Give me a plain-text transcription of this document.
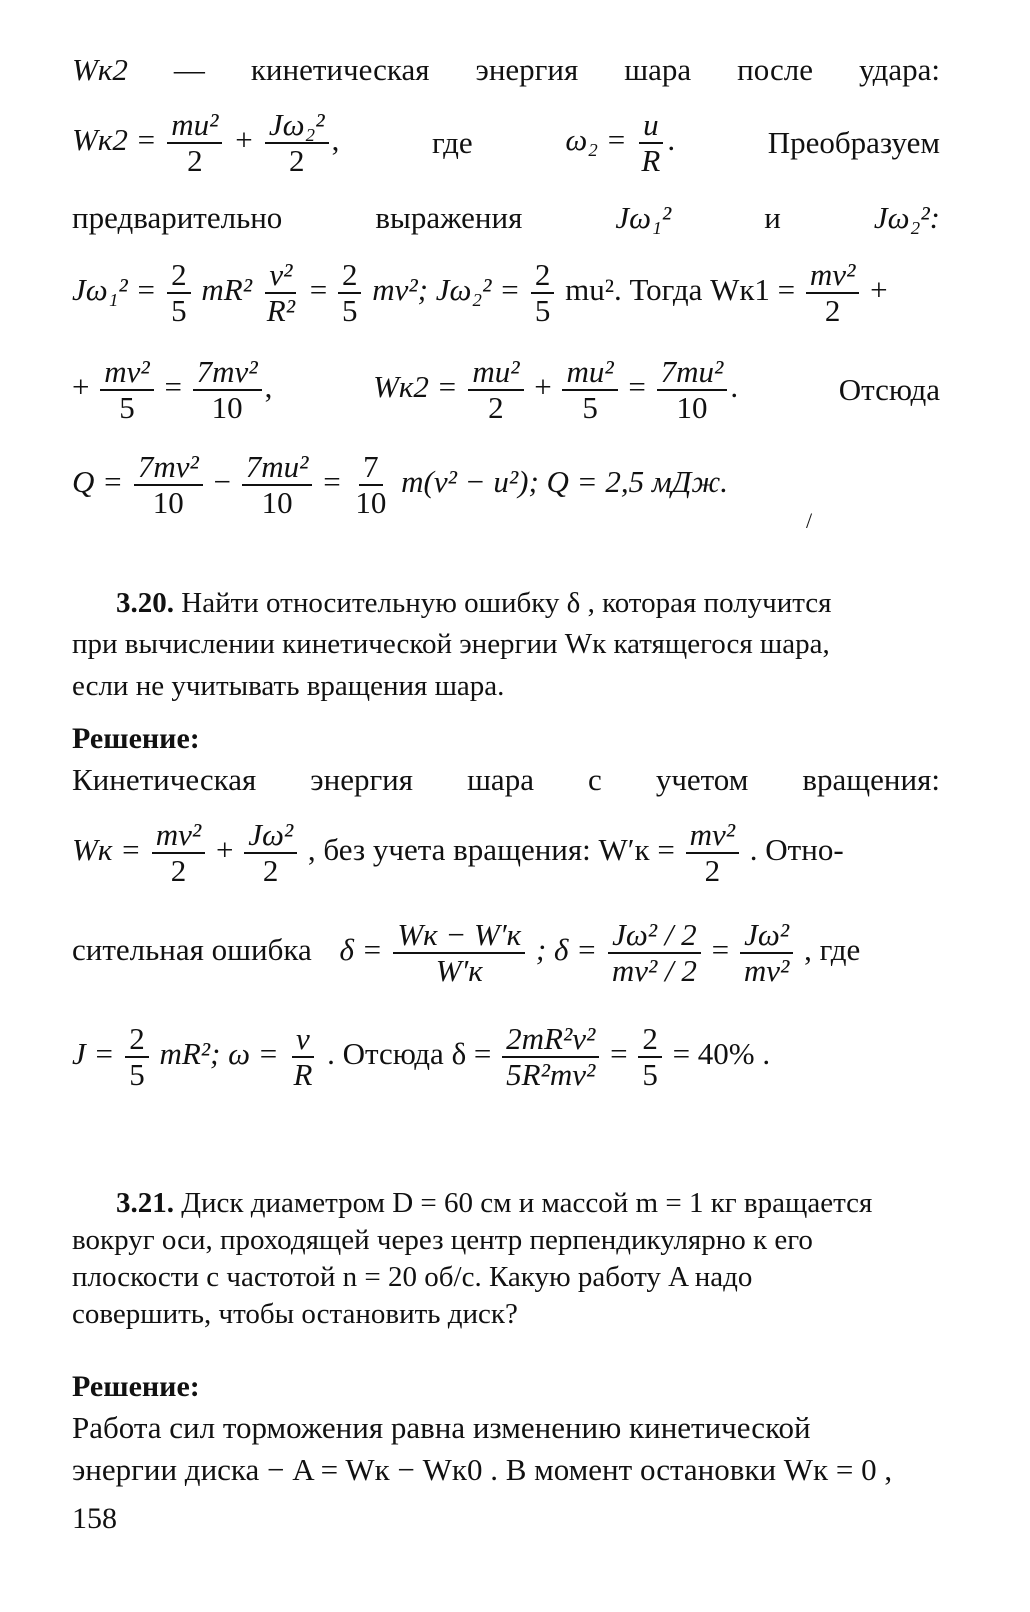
Wк2 — кинетическая энергия шара после удара:
$Wк2 = \frac{\text{mu²}}{2} + \frac{\text{Jω₂²}}{2}$ ,	где	$\omega_2 = \frac{u}{R}$ .	Преобразуем
предварительно	выражения	Jω₁²	и	Jω₂²:
$J\omega_1^2 = \frac{2}{5} mR^2 \frac{\text{v²}}{\text{R²}} = \frac{2}{5} mv^2$; $J\omega_2^2 = \frac{2}{5} mu^2$. Тогда $Wк1 = \frac{\text{mv²}}{2}$ +
+ $\frac{\text{mv²}}{5} = \frac{\text{7mv²}}{10}$ ,	$Wк2 = \frac{\text{mu²}}{2} + \frac{\text{mu²}}{5} = \frac{\text{7mu²}}{10}$ .	Отсюда
$Q = \frac{\text{7mv²}}{10} - \frac{\text{7mu²}}{10} = \frac{7}{10} m(v^2 - u^2)$; Q = 2,5 мДж.
/
3.20. Найти относительную ошибку δ , которая получится
при вычислении кинетической энергии Wк катящегося шара,
если не учитывать вращения шара.
Решение:
Кинетическая энергия шара с учетом вращения:
Wк = $\frac{\text{mv²}}{2} + \frac{\text{Jω²}}{2}$ , без учета вращения: $W'к = \frac{\text{mv²}}{2}$ . Отно-
сительная ошибка $\delta = \frac{Wк - W'к}{W'к}$ ; $\delta = \frac{\text{Jω² / 2}}{\text{mv² / 2}} = \frac{\text{Jω²}}{\text{mv²}}$ , где
$J = \frac{2}{5} mR^2$; $\omega = \frac{v}{R}$ . Отсюда $\delta = \frac{\text{2mR²v²}}{\text{5R²mv²}} = \frac{2}{5} = 40\%$ .
3.21. Диск диаметром D = 60 см и массой m = 1 кг вращается
вокруг оси, проходящей через центр перпендикулярно к его
плоскости с частотой n = 20 об/с. Какую работу A надо
совершить, чтобы остановить диск?
Решение:
Работа сил торможения равна изменению кинетической
энергии диска − A = Wк − Wк0 . В момент остановки Wк = 0 ,
158
